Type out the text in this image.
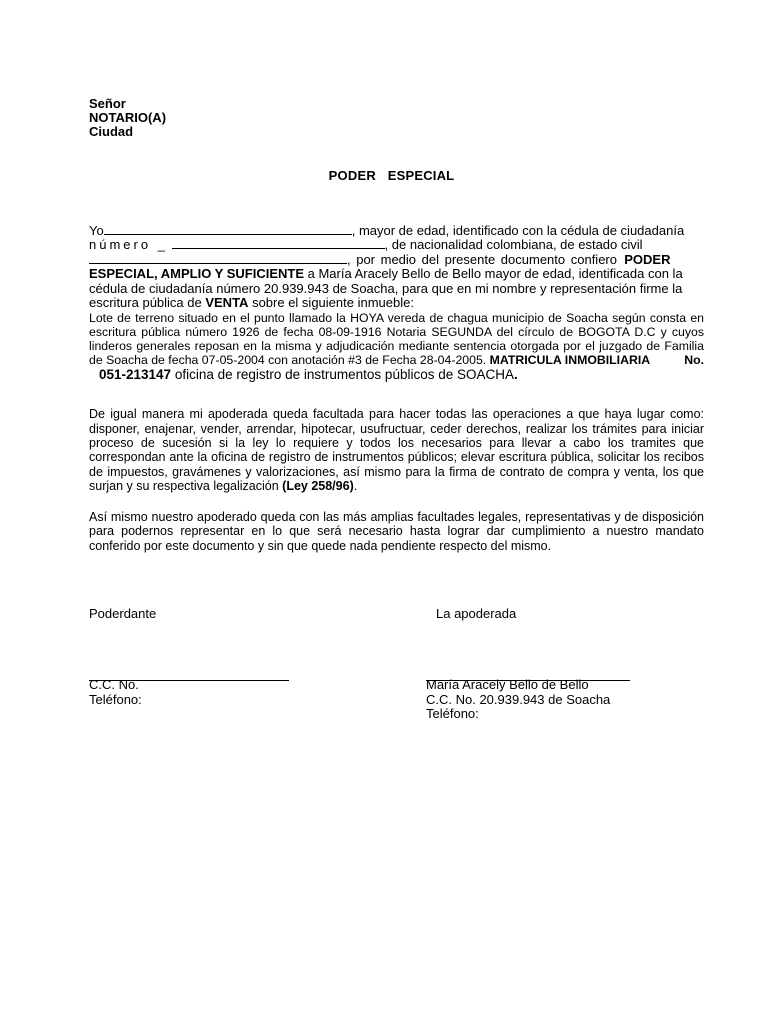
Señor
NOTARIO(A)
Ciudad
PODER ESPECIAL
Yo	, mayor de edad, identificado con la cédula de ciudadanía
número _	, de nacionalidad colombiana, de estado civil
, por medio del presente documento confiero PODER
ESPECIAL, AMPLIO Y SUFICIENTE a María Aracely Bello de Bello mayor de edad, identificada con la
cédula de ciudadanía número 20.939.943 de Soacha, para que en mi nombre y representación firme la
escritura pública de VENTA sobre el siguiente inmueble:
Lote de terreno situado en el punto llamado la HOYA vereda de chagua municipio de Soacha según consta en escritura pública número 1926 de fecha 08-09-1916 Notaria SEGUNDA del círculo de BOGOTA D.C y cuyos linderos generales reposan en la misma y adjudicación mediante sentencia otorgada por el juzgado de Familia de Soacha de fecha 07-05-2004 con anotación #3 de Fecha 28-04-2005. MATRICULA INMOBILIARIA	No.
051-213147 oficina de registro de instrumentos públicos de SOACHA.
De igual manera mi apoderada queda facultada para hacer todas las operaciones a que haya lugar como: disponer, enajenar, vender, arrendar, hipotecar, usufructuar, ceder derechos, realizar los trámites para iniciar proceso de sucesión si la ley lo requiere y todos los necesarios para llevar a cabo los tramites que correspondan ante la oficina de registro de instrumentos públicos; elevar escritura pública, solicitar los recibos de impuestos, gravámenes y valorizaciones, así mismo para la firma de contrato de compra y venta, los que surjan y su respectiva legalización (Ley 258/96).
Así mismo nuestro apoderado queda con las más amplias facultades legales, representativas y de disposición para podernos representar en lo que será necesario hasta lograr dar cumplimiento a nuestro mandato conferido por este documento y sin que quede nada pendiente respecto del mismo.
Poderdante	La apoderada
C.C. No.
Teléfono:
María Aracely Bello de Bello
C.C. No. 20.939.943 de Soacha
Teléfono:
